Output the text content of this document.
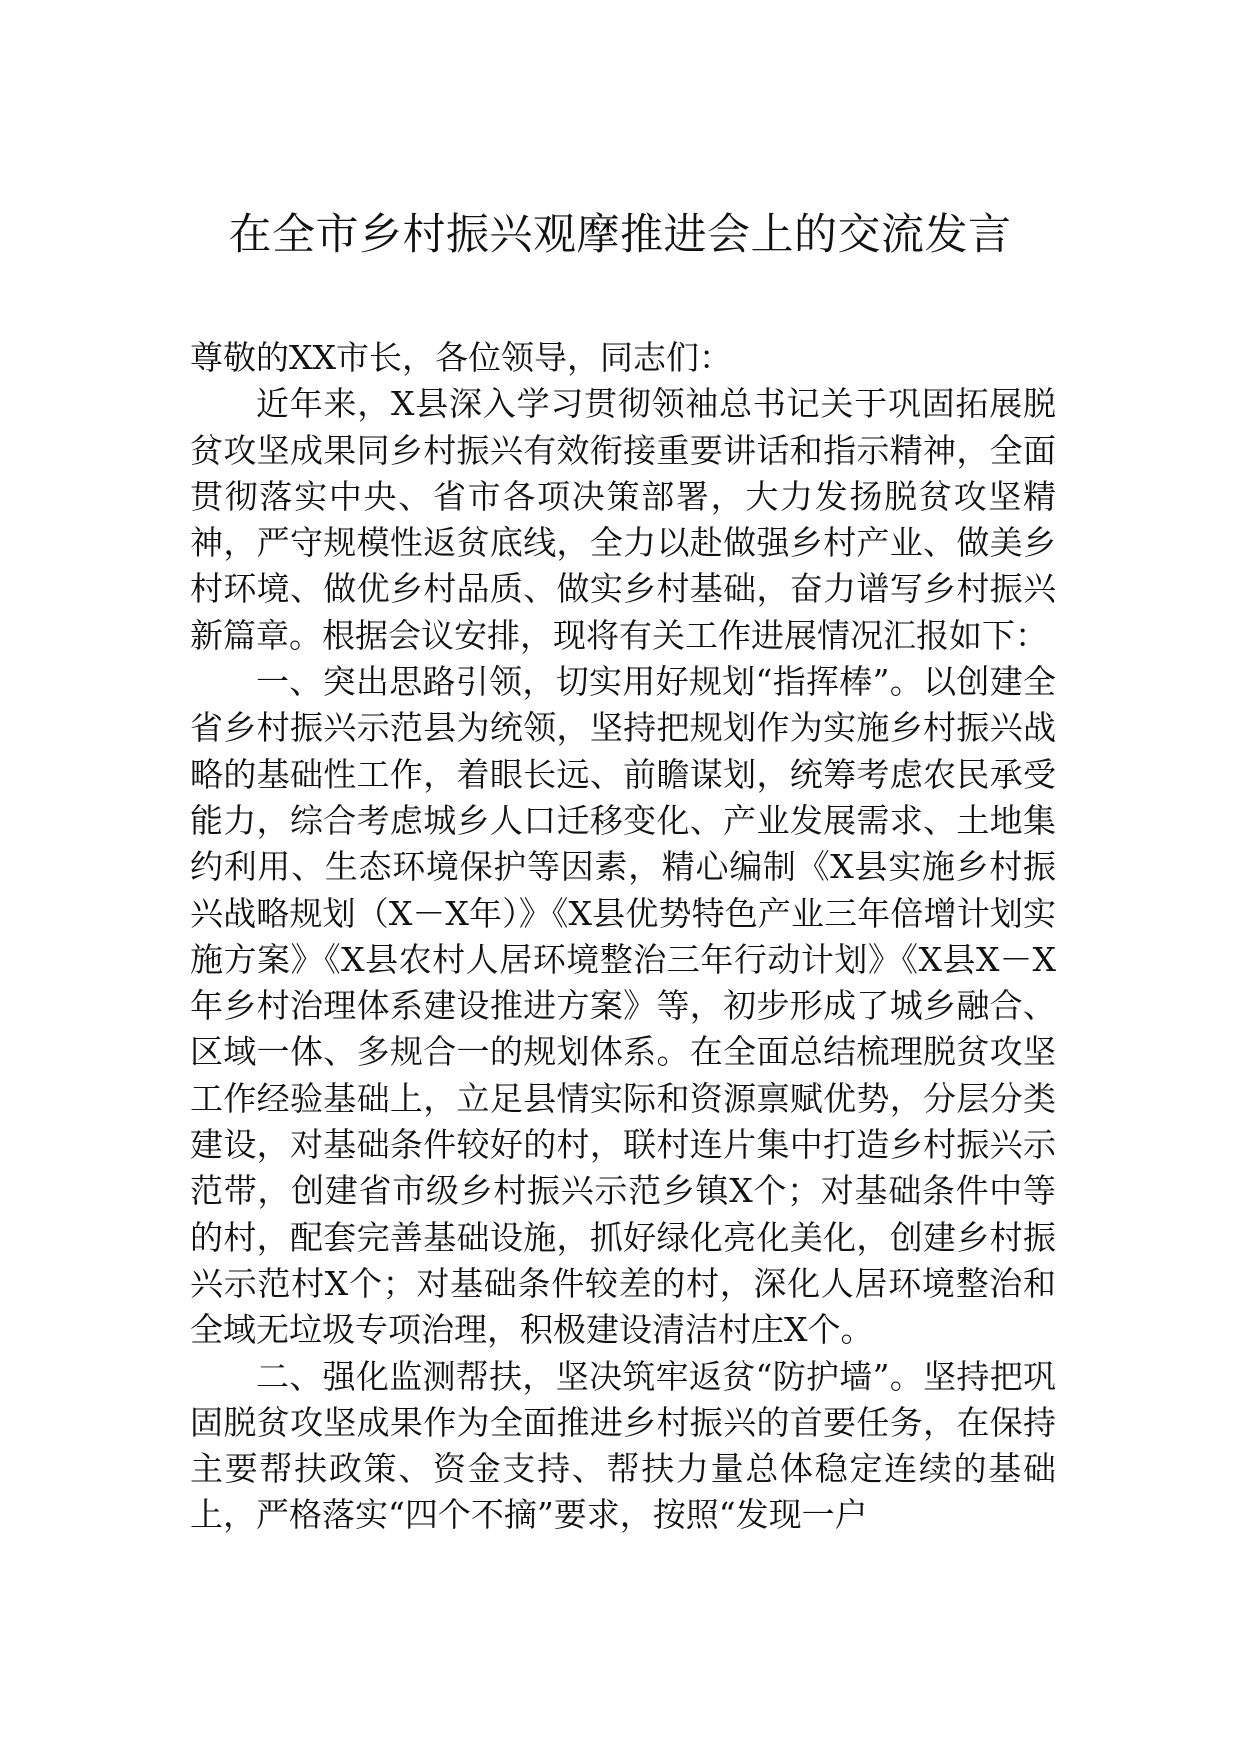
在全市乡村振兴观摩推进会上的交流发言

尊敬的XX市长，各位领导，同志们：

近年来，X县深入学习贯彻领袖总书记关于巩固拓展脱贫攻坚成果同乡村振兴有效衔接重要讲话和指示精神，全面贯彻落实中央、省市各项决策部署，大力发扬脱贫攻坚精神，严守规模性返贫底线，全力以赴做强乡村产业、做美乡村环境、做优乡村品质、做实乡村基础，奋力谱写乡村振兴新篇章。根据会议安排，现将有关工作进展情况汇报如下：

一、突出思路引领，切实用好规划“指挥棒”。以创建全省乡村振兴示范县为统领，坚持把规划作为实施乡村振兴战略的基础性工作，着眼长远、前瞻谋划，统筹考虑农民承受能力，综合考虑城乡人口迁移变化、产业发展需求、土地集约利用、生态环境保护等因素，精心编制《X县实施乡村振兴战略规划（X－X年）》《X县优势特色产业三年倍增计划实施方案》《X县农村人居环境整治三年行动计划》《X县X－X年乡村治理体系建设推进方案》等，初步形成了城乡融合、区域一体、多规合一的规划体系。在全面总结梳理脱贫攻坚工作经验基础上，立足县情实际和资源禀赋优势，分层分类建设，对基础条件较好的村，联村连片集中打造乡村振兴示范带，创建省市级乡村振兴示范乡镇X个；对基础条件中等的村，配套完善基础设施，抓好绿化亮化美化，创建乡村振兴示范村X个；对基础条件较差的村，深化人居环境整治和全域无垃圾专项治理，积极建设清洁村庄X个。

二、强化监测帮扶，坚决筑牢返贫“防护墙”。坚持把巩固脱贫攻坚成果作为全面推进乡村振兴的首要任务，在保持主要帮扶政策、资金支持、帮扶力量总体稳定连续的基础上，严格落实“四个不摘”要求，按照“发现一户
